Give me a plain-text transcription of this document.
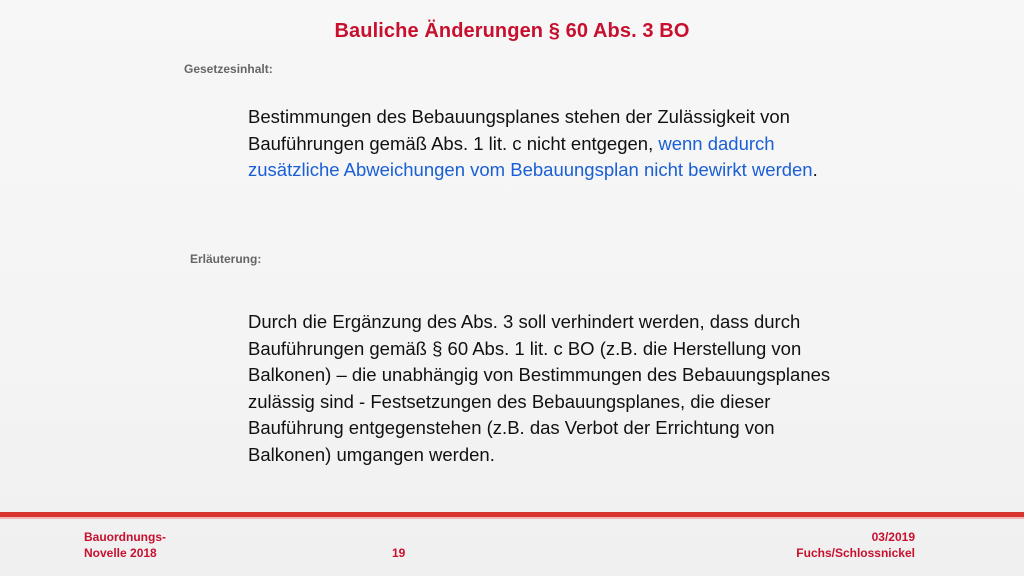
Bauliche Änderungen § 60 Abs. 3 BO
Gesetzesinhalt:
Bestimmungen des Bebauungsplanes stehen der Zulässigkeit von Bauführungen gemäß Abs. 1 lit. c nicht entgegen, wenn dadurch zusätzliche Abweichungen vom Bebauungsplan nicht bewirkt werden.
Erläuterung:
Durch die Ergänzung des Abs. 3 soll verhindert werden, dass durch Bauführungen gemäß § 60 Abs. 1 lit. c BO (z.B. die Herstellung von Balkonen) – die unabhängig von Bestimmungen des Bebauungsplanes zulässig sind - Festsetzungen des Bebauungsplanes, die dieser Bauführung entgegenstehen (z.B. das Verbot der Errichtung von Balkonen) umgangen werden.
Bauordnungs-
Novelle 2018	19
03/2019
Fuchs/Schlossnickel
